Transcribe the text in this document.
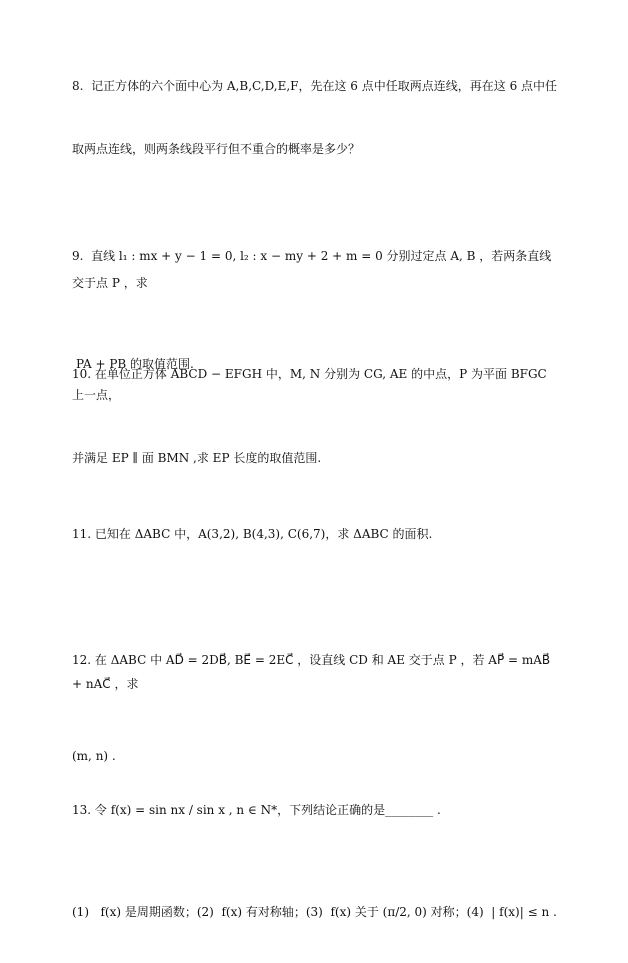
8.  记正方体的六个面中心为 A,B,C,D,E,F，先在这 6 点中任取两点连线，再在这 6 点中任

取两点连线，则两条线段平行但不重合的概率是多少？

9.  直线 l₁ : mx + y − 1 = 0, l₂ : x − my + 2 + m = 0 分别过定点 A, B ，若两条直线交于点 P ，求

PA + PB 的取值范围.

10. 在单位正方体 ABCD − EFGH 中，M, N 分别为 CG, AE 的中点，P 为平面 BFGC 上一点，

并满足 EP ∥ 面 BMN ,求 EP 长度的取值范围.

11. 已知在 ΔABC 中，A(3,2), B(4,3), C(6,7)，求 ΔABC 的面积.

12. 在 ΔABC 中 AD⃗ = 2DB⃗, BE⃗ = 2EC⃗ ，设直线 CD 和 AE 交于点 P ，若 AP⃗ = mAB⃗ + nAC⃗ ，求

(m, n) .

13. 令 f(x) = sin nx / sin x , n ∈ N*，下列结论正确的是________ .

(1)   f(x) 是周期函数；(2)  f(x) 有对称轴；(3)  f(x) 关于 (π/2, 0) 对称；(4)  | f(x)| ≤ n .
